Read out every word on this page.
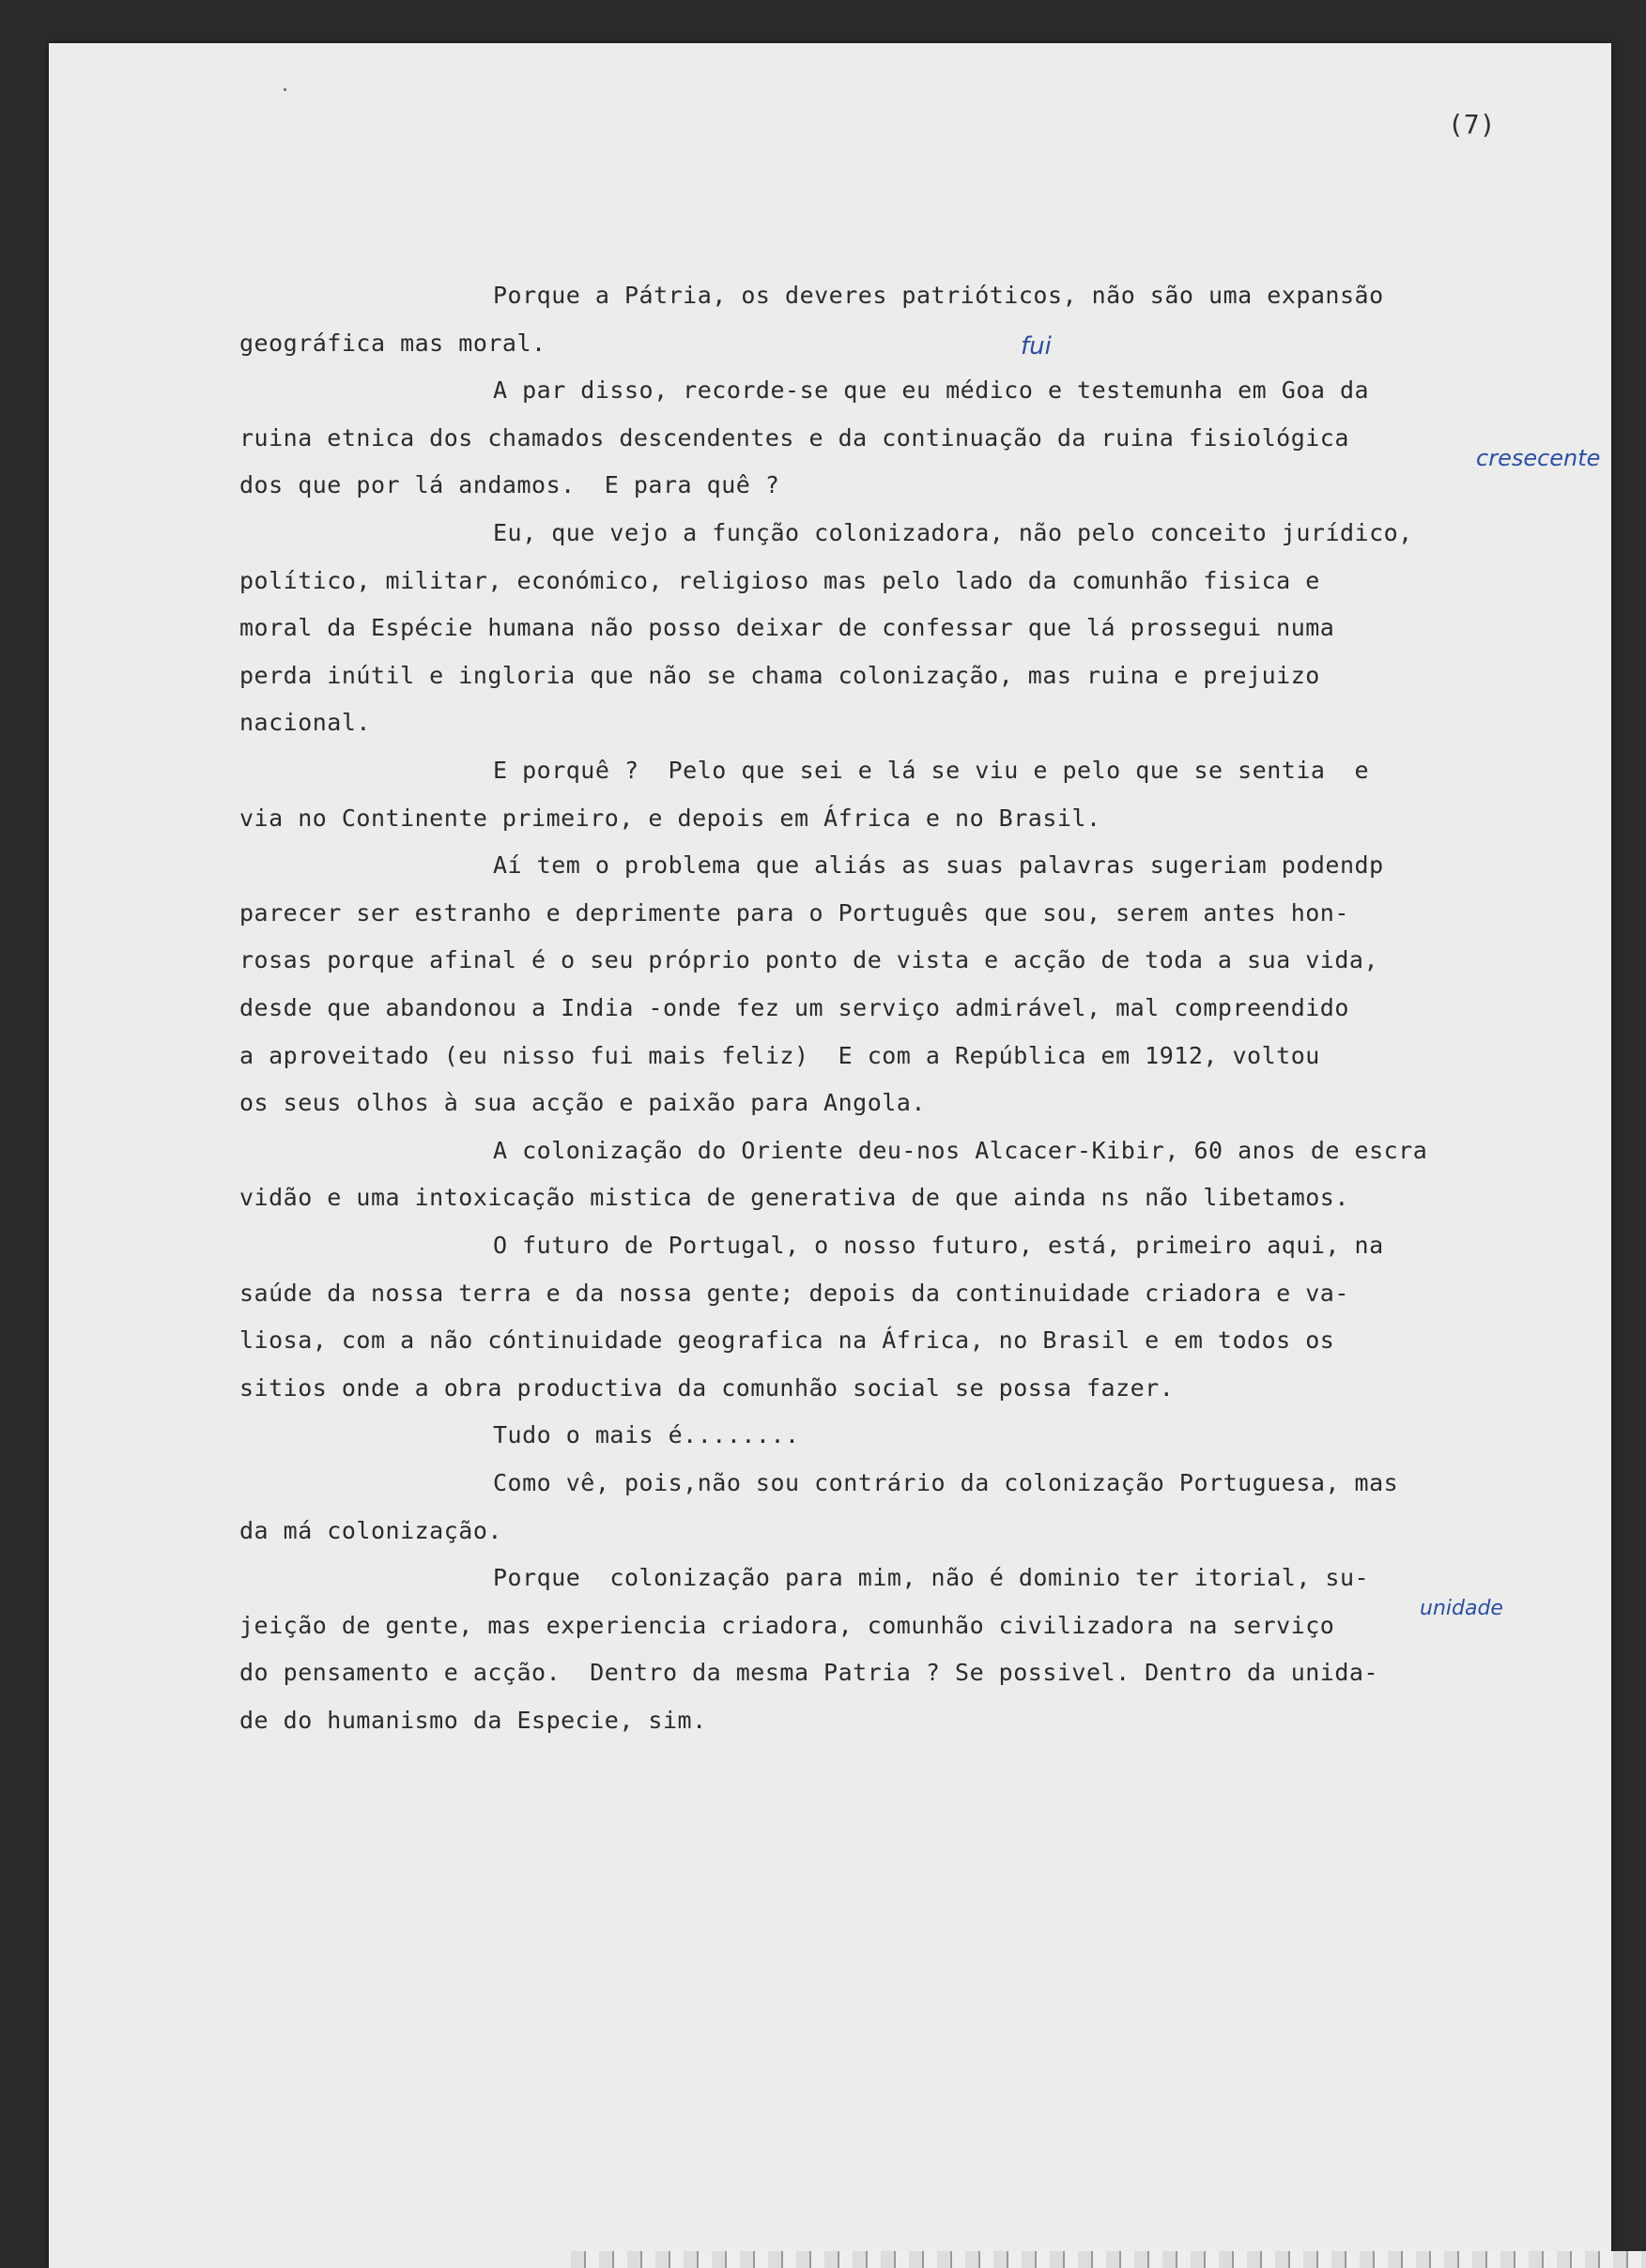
(7)
Porque a Pátria, os deveres patrióticos, não são uma expansão
geográfica mas moral.
A par disso, recorde-se que eu médico e testemunha em Goa da
ruina etnica dos chamados descendentes e da continuação da ruina fisiológica
dos que por lá andamos.  E para quê ?
Eu, que vejo a função colonizadora, não pelo conceito jurídico,
político, militar, económico, religioso mas pelo lado da comunhão fisica e
moral da Espécie humana não posso deixar de confessar que lá prossegui numa
perda inútil e ingloria que não se chama colonização, mas ruina e prejuizo
nacional.
E porquê ?  Pelo que sei e lá se viu e pelo que se sentia  e
via no Continente primeiro, e depois em África e no Brasil.
Aí tem o problema que aliás as suas palavras sugeriam podendp
parecer ser estranho e deprimente para o Português que sou, serem antes hon-
rosas porque afinal é o seu próprio ponto de vista e acção de toda a sua vida,
desde que abandonou a India -onde fez um serviço admirável, mal compreendido
a aproveitado (eu nisso fui mais feliz)  E com a República em 1912, voltou
os seus olhos à sua acção e paixão para Angola.
A colonização do Oriente deu-nos Alcacer-Kibir, 60 anos de escra
vidão e uma intoxicação mistica de generativa de que ainda ns não libetamos.
O futuro de Portugal, o nosso futuro, está, primeiro aqui, na
saúde da nossa terra e da nossa gente; depois da continuidade criadora e va-
liosa, com a não cóntinuidade geografica na África, no Brasil e em todos os
sitios onde a obra productiva da comunhão social se possa fazer.
Tudo o mais é........
Como vê, pois,não sou contrário da colonização Portuguesa, mas
da má colonização.
Porque  colonização para mim, não é dominio ter itorial, su-
jeição de gente, mas experiencia criadora, comunhão civilizadora na serviço
do pensamento e acção.  Dentro da mesma Patria ? Se possivel. Dentro da unida-
de do humanismo da Especie, sim.
fui
cresecente
unidade
